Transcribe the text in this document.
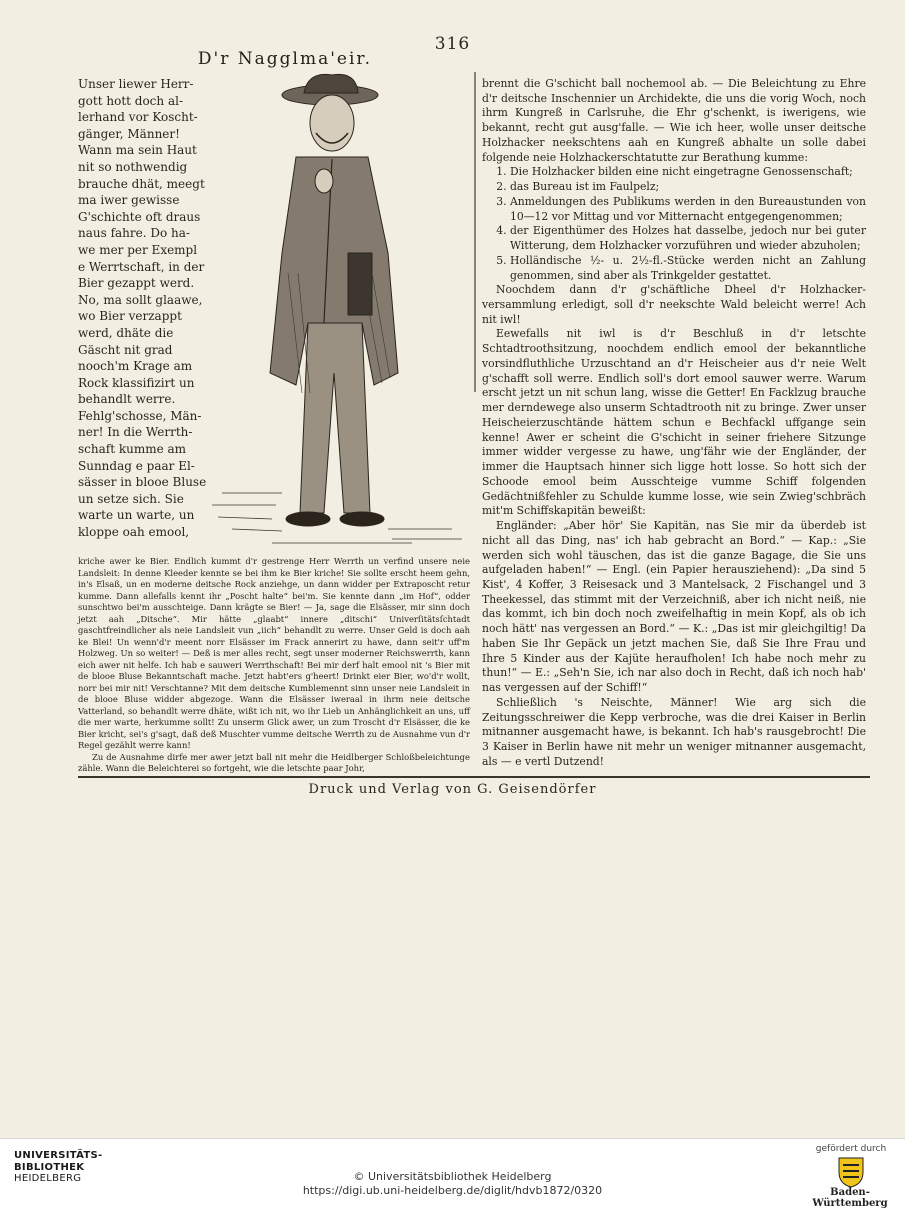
316
D'r Nagglma'eir.
Unser liewer Herr-
gott hott doch al-
lerhand vor Koscht-
gänger, Männer!
Wann ma sein Haut
nit so nothwendig
brauche dhät, meegt
ma iwer gewisse
G'schichte oft draus
naus fahre. Do ha-
we mer per Exempl
e Werrtschaft, in der
Bier gezappt werd.
No, ma sollt glaawe,
wo Bier verzappt
werd, dhäte die
Gäscht nit grad
nooch'm Krage am
Rock klassifizirt un
behandlt werre.
Fehlg'schosse, Män-
ner! In die Werrth-
schaft kumme am
Sunndag e paar El-
sässer in blooe Bluse
un setze sich. Sie
warte un warte, un
kloppe oah emool,

kriche awer ke Bier. Endlich kummt d'r gestrenge Herr Werrth un verfind unsere neie Landsleit: In denne Kleeder kennte se bei ihm ke Bier kriche! Sie sollte erscht heem gehn, in's Elsaß, un en moderne deitsche Rock anziehge, un dann widder per Extraposcht retur kumme. Dann allefalls kennt ihr „Poscht halte“ bei'm. Sie kennte dann „im Hof“, odder sunschtwo bei'm ausschteige. Dann krägte se Bier! — Ja, sage die Elsässer, mir sinn doch jetzt aah „Ditsche“. Mir hätte „glaabt“ innere „ditschi“ Univerſitätsſchtadt gaschtfreindlicher als neie Landsleit vun „iich“ behandlt zu werre. Unser Geld is doch aah ke Blei! Un wenn'd'r meent norr Elsässer im Frack annerirt zu hawe, dann seit'r uff'm Holzweg. Un so weiter! — Deß is mer alles recht, segt unser moderner Reichswerrth, kann eich awer nit helfe. Ich hab e sauweri Werrthschaft! Bei mir derf halt emool nit 's Bier mit de blooe Bluse Bekanntschaft mache. Jetzt habt'ers g'heert! Drinkt eier Bier, wo'd'r wollt, norr bei mir nit! Verschtanne? Mit dem deitsche Kumblemennt sinn unser neie Landsleit in de blooe Bluse widder abgezoge. Wann die Elsässer iweraal in ihrm neie deitsche Vatterland, so behandlt werre dhäte, wißt ich nit, wo ihr Lieb un Anhänglichkeit an uns, uff die mer warte, herkumme sollt! Zu unserm Glick awer, un zum Troscht d'r Elsässer, die ke Bier kricht, sei's g'sagt, daß deß Muschter vumme deitsche Werrth zu de Ausnahme vun d'r Regel gezählt werre kann!

Zu de Ausnahme dirfe mer awer jetzt ball nit mehr die Heidlberger Schloßbeleichtunge zähle. Wann die Beleichterei so fortgeht, wie die letschte paar Johr,

brennt die G'schicht ball nochemool ab. — Die Beleichtung zu Ehre d'r deitsche Inschennier un Archidekte, die uns die vorig Woch, noch ihrm Kungreß in Carlsruhe, die Ehr g'schenkt, is iwerigens, wie bekannt, recht gut ausg'falle. — Wie ich heer, wolle unser deitsche Holzhacker neekschtens aah en Kungreß abhalte un solle dabei folgende neie Holzhackerschtatutte zur Berathung kumme:

1. Die Holzhacker bilden eine nicht eingetragne Genossenschaft;
2. das Bureau ist im Faulpelz;
3. Anmeldungen des Publikums werden in den Bureaustunden von 10—12 vor Mittag und vor Mitternacht entgegengenommen;
4. der Eigenthümer des Holzes hat dasselbe, jedoch nur bei guter Witterung, dem Holzhacker vorzuführen und wieder abzuholen;
5. Holländische ½- u. 2½-fl.-Stücke werden nicht an Zahlung genommen, sind aber als Trinkgelder gestattet.

Noochdem dann d'r g'schäftliche Dheel d'r Holzhacker-versammlung erledigt, soll d'r neekschte Wald beleicht werre! Ach nit iwl!

Eewefalls nit iwl is d'r Beschluß in d'r letschte Schtadtroothsitzung, noochdem endlich emool der bekanntliche vorsindfluthliche Urzuschtand an d'r Heischeier aus d'r neie Welt g'schafft soll werre. Endlich soll's dort emool sauwer werre. Warum erscht jetzt un nit schun lang, wisse die Getter! En Facklzug brauche mer derndewege also unserm Schtadtrooth nit zu bringe. Zwer unser Heischeierzuschtände hättem schun e Bechfackl uffgange sein kenne! Awer er scheint die G'schicht in seiner friehere Sitzunge immer widder vergesse zu hawe, ung'fähr wie der Engländer, der immer die Hauptsach hinner sich ligge hott losse. So hott sich der Schoode emool beim Ausschteige vumme Schiff folgenden Gedächtnißfehler zu Schulde kumme losse, wie sein Zwieg'schbräch mit'm Schiffskapitän beweißt:

Engländer: „Aber hör' Sie Kapitän, nas Sie mir da überdeb ist nicht all das Ding, nas' ich hab gebracht an Bord.“ — Kap.: „Sie werden sich wohl täuschen, das ist die ganze Bagage, die Sie uns aufgeladen haben!“ — Engl. (ein Papier herausziehend): „Da sind 5 Kist', 4 Koffer, 3 Reisesack und 3 Mantelsack, 2 Fischangel und 3 Theekessel, das stimmt mit der Verzeichniß, aber ich nicht neiß, nie das kommt, ich bin doch noch zweifelhaftig in mein Kopf, als ob ich noch hätt' nas vergessen an Bord.“ — K.: „Das ist mir gleichgiltig! Da haben Sie Ihr Gepäck un jetzt machen Sie, daß Sie Ihre Frau und Ihre 5 Kinder aus der Kajüte heraufholen! Ich habe noch mehr zu thun!“ — E.: „Seh'n Sie, ich nar also doch in Recht, daß ich noch hab' nas vergessen auf der Schiff!“

Schließlich 's Neischte, Männer! Wie arg sich die Zeitungsschreiwer die Kepp verbroche, was die drei Kaiser in Berlin mitnanner ausgemacht hawe, is bekannt. Ich hab's rausgebrocht! Die 3 Kaiser in Berlin hawe nit mehr un weniger mitnanner ausgemacht, als — e vertl Dutzend!

Druck und Verlag von G. Geisendörfer
UNIVERSITÄTS-
BIBLIOTHEK
HEIDELBERG	© Universitätsbibliothek Heidelberg
https://digi.ub.uni-heidelberg.de/diglit/hdvb1872/0320
gefördert durch
Baden-Württemberg
